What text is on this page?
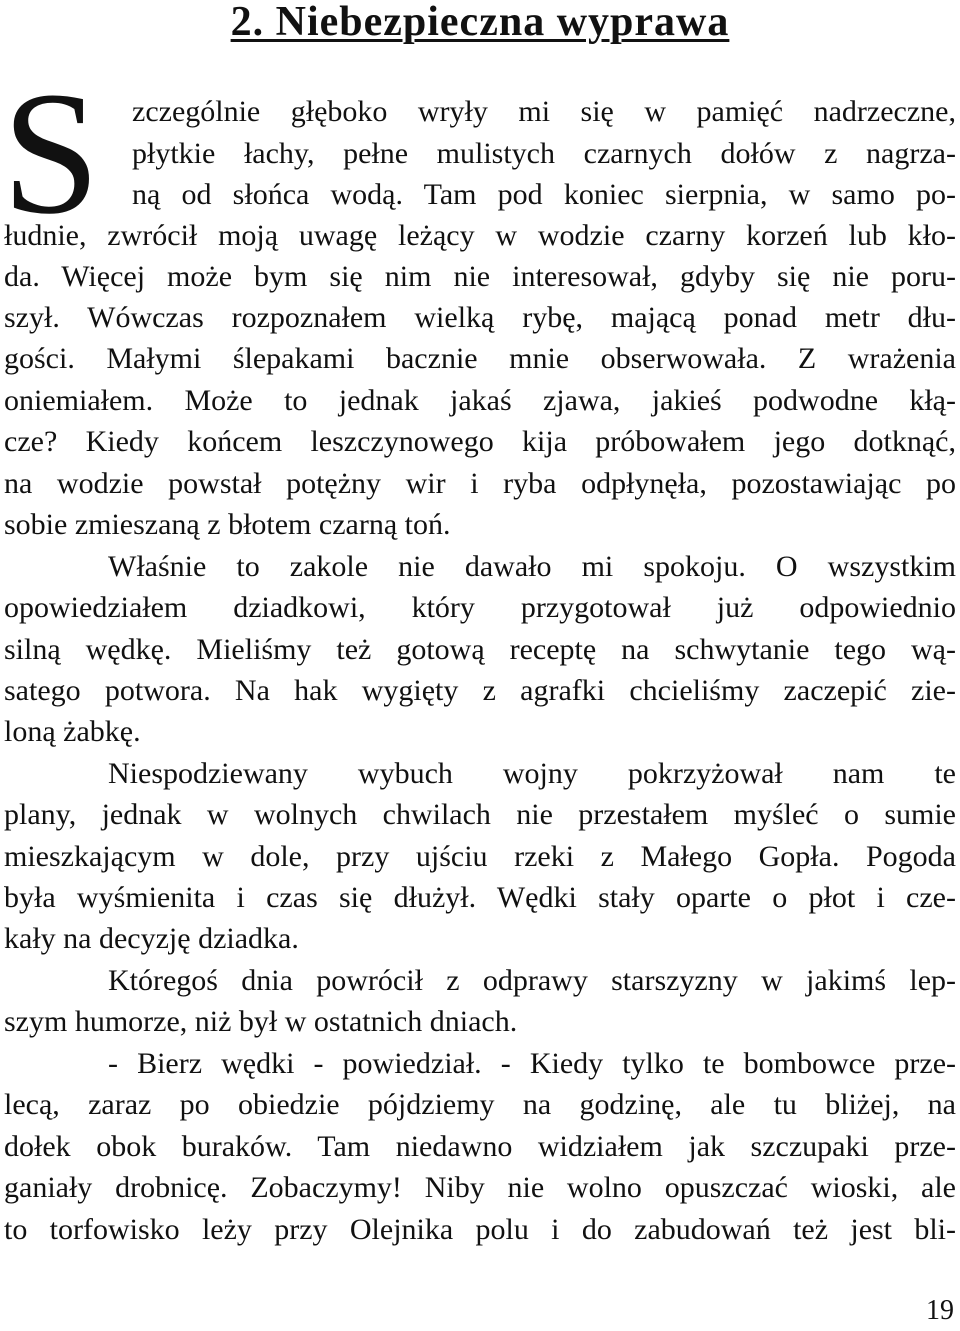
2. Niebezpieczna wyprawa
S zczególnie głęboko wryły mi się w pamięć nadrzeczne,
płytkie łachy, pełne mulistych czarnych dołów z nagrza-
ną od słońca wodą. Tam pod koniec sierpnia, w samo po-
łudnie, zwrócił moją uwagę leżący w wodzie czarny korzeń lub kło-
da. Więcej może bym się nim nie interesował, gdyby się nie poru-
szył. Wówczas rozpoznałem wielką rybę, mającą ponad metr dłu-
gości. Małymi ślepakami bacznie mnie obserwowała. Z wrażenia
oniemiałem. Może to jednak jakaś zjawa, jakieś podwodne kłą-
cze? Kiedy końcem leszczynowego kija próbowałem jego dotknąć,
na wodzie powstał potężny wir i ryba odpłynęła, pozostawiając po
sobie zmieszaną z błotem czarną toń.
Właśnie to zakole nie dawało mi spokoju. O wszystkim
opowiedziałem dziadkowi, który przygotował już odpowiednio
silną wędkę. Mieliśmy też gotową receptę na schwytanie tego wą-
satego potwora. Na hak wygięty z agrafki chcieliśmy zaczepić zie-
loną żabkę.
Niespodziewany wybuch wojny pokrzyżował nam te
plany, jednak w wolnych chwilach nie przestałem myśleć o sumie
mieszkającym w dole, przy ujściu rzeki z Małego Gopła. Pogoda
była wyśmienita i czas się dłużył. Wędki stały oparte o płot i cze-
kały na decyzję dziadka.
Któregoś dnia powrócił z odprawy starszyzny w jakimś lep-
szym humorze, niż był w ostatnich dniach.
- Bierz wędki - powiedział. - Kiedy tylko te bombowce prze-
lecą, zaraz po obiedzie pójdziemy na godzinę, ale tu bliżej, na
dołek obok buraków. Tam niedawno widziałem jak szczupaki prze-
ganiały drobnicę. Zobaczymy! Niby nie wolno opuszczać wioski, ale
to torfowisko leży przy Olejnika polu i do zabudowań też jest bli-
19
